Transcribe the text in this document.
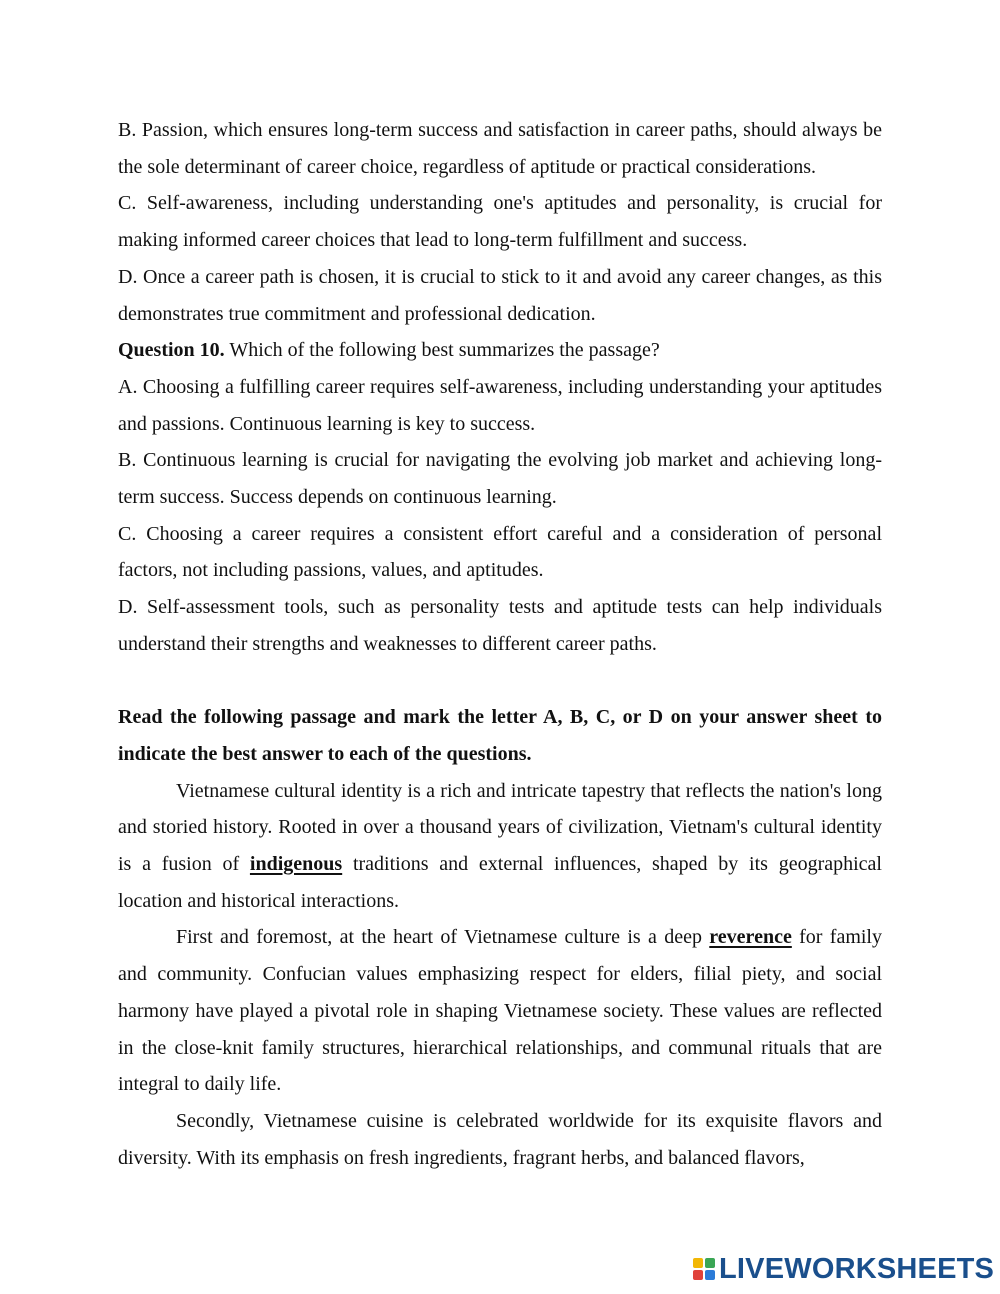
B. Passion, which ensures long-term success and satisfaction in career paths, should always be the sole determinant of career choice, regardless of aptitude or practical considerations.

C. Self-awareness, including understanding one's aptitudes and personality, is crucial for making informed career choices that lead to long-term fulfillment and success.

D. Once a career path is chosen, it is crucial to stick to it and avoid any career changes, as this demonstrates true commitment and professional dedication.

Question 10. Which of the following best summarizes the passage?

A. Choosing a fulfilling career requires self-awareness, including understanding your aptitudes and passions. Continuous learning is key to success.

B. Continuous learning is crucial for navigating the evolving job market and achieving long-term success. Success depends on continuous learning.

C. Choosing a career requires a consistent effort careful and a consideration of personal factors, not including passions, values, and aptitudes.

D. Self-assessment tools, such as personality tests and aptitude tests can help individuals understand their strengths and weaknesses to different career paths.

Read the following passage and mark the letter A, B, C, or D on your answer sheet to indicate the best answer to each of the questions.

Vietnamese cultural identity is a rich and intricate tapestry that reflects the nation's long and storied history. Rooted in over a thousand years of civilization, Vietnam's cultural identity is a fusion of indigenous traditions and external influences, shaped by its geographical location and historical interactions.

First and foremost, at the heart of Vietnamese culture is a deep reverence for family and community. Confucian values emphasizing respect for elders, filial piety, and social harmony have played a pivotal role in shaping Vietnamese society. These values are reflected in the close-knit family structures, hierarchical relationships, and communal rituals that are integral to daily life.

Secondly, Vietnamese cuisine is celebrated worldwide for its exquisite flavors and diversity. With its emphasis on fresh ingredients, fragrant herbs, and balanced flavors,

LIVEWORKSHEETS
